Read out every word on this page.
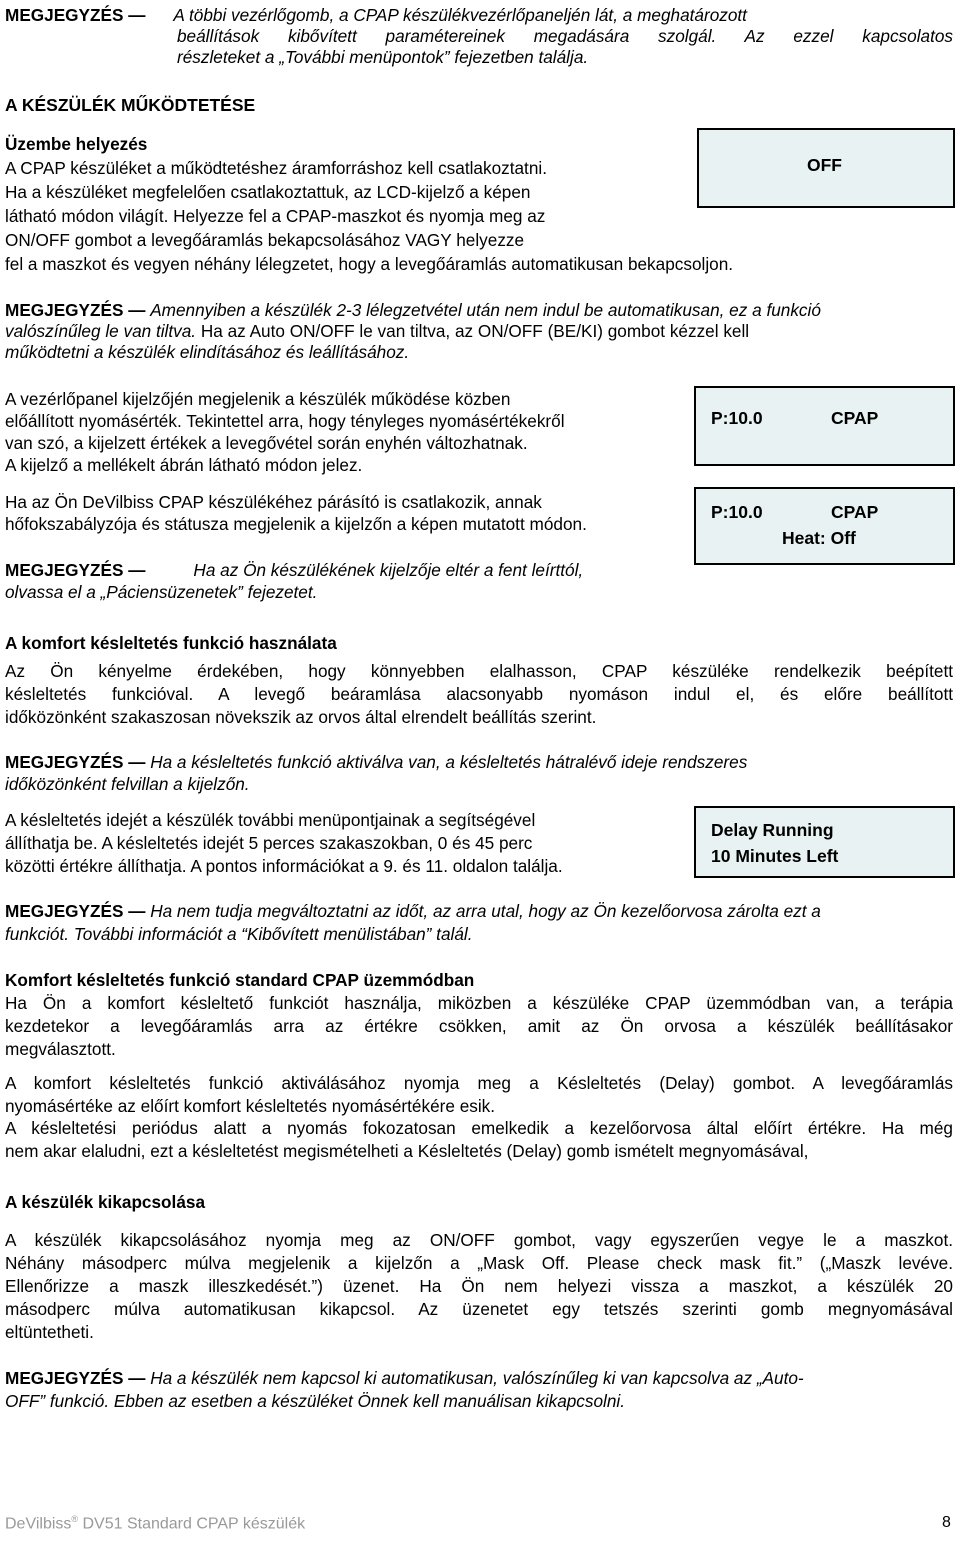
MEGJEGYZÉS — A többi vezérlőgomb, a CPAP készülékvezérlőpaneljén lát, a meghatározott
beállítások kibővített paramétereinek megadására szolgál. Az ezzel kapcsolatos
részleteket a „További menüpontok” fejezetben találja.
A KÉSZÜLÉK MŰKÖDTETÉSE
Üzembe helyezés
A CPAP készüléket a működtetéshez áramforráshoz kell csatlakoztatni.
Ha a készüléket megfelelően csatlakoztattuk, az LCD-kijelző a képen
látható módon világít. Helyezze fel a CPAP-maszkot és nyomja meg az
ON/OFF gombot a levegőáramlás bekapcsolásához VAGY helyezze
fel a maszkot és vegyen néhány lélegzetet, hogy a levegőáramlás automatikusan bekapcsoljon.
OFF
MEGJEGYZÉS — Amennyiben a készülék 2-3 lélegzetvétel után nem indul be automatikusan, ez a funkció
valószínűleg le van tiltva. Ha az Auto ON/OFF le van tiltva, az ON/OFF (BE/KI) gombot kézzel kell
működtetni a készülék elindításához és leállításához.
A vezérlőpanel kijelzőjén megjelenik a készülék működése közben
előállított nyomásérték. Tekintettel arra, hogy tényleges nyomásértékekről
van szó, a kijelzett értékek a levegővétel során enyhén változhatnak.
A kijelző a mellékelt ábrán látható módon jelez.
P:10.0	CPAP
Ha az Ön DeVilbiss CPAP készülékéhez párásító is csatlakozik, annak
hőfokszabályzója és státusza megjelenik a kijelzőn a képen mutatott módon.
P:10.0	CPAP
Heat: Off
MEGJEGYZÉS —	Ha az Ön készülékének kijelzője eltér a fent leírttól,
olvassa el a „Páciensüzenetek” fejezetet.
A komfort késleltetés funkció használata
Az Ön kényelme érdekében, hogy könnyebben elalhasson, CPAP készüléke rendelkezik beépített
késleltetés funkcióval. A levegő beáramlása alacsonyabb nyomáson indul el, és előre beállított
időközönként szakaszosan növekszik az orvos által elrendelt beállítás szerint.
MEGJEGYZÉS — Ha a késleltetés funkció aktiválva van, a késleltetés hátralévő ideje rendszeres
időközönként felvillan a kijelzőn.
A késleltetés idejét a készülék további menüpontjainak a segítségével
állíthatja be. A késleltetés idejét 5 perces szakaszokban, 0 és 45 perc
közötti értékre állíthatja. A pontos információkat a 9. és 11. oldalon találja.
Delay Running
10 Minutes Left
MEGJEGYZÉS — Ha nem tudja megváltoztatni az időt, az arra utal, hogy az Ön kezelőorvosa zárolta ezt a
funkciót. További információt a “Kibővített menülistában” talál.
Komfort késleltetés funkció standard CPAP üzemmódban
Ha Ön a komfort késleltető funkciót használja, miközben a készüléke CPAP üzemmódban van, a terápia
kezdetekor a levegőáramlás arra az értékre csökken, amit az Ön orvosa a készülék beállításakor
megválasztott.
A komfort késleltetés funkció aktiválásához nyomja meg a Késleltetés (Delay) gombot. A levegőáramlás
nyomásértéke az előírt komfort késleltetés nyomásértékére esik.
A késleltetési periódus alatt a nyomás fokozatosan emelkedik a kezelőorvosa által előírt értékre. Ha még
nem akar elaludni, ezt a késleltetést megismételheti a Késleltetés (Delay) gomb ismételt megnyomásával,
A készülék kikapcsolása
A készülék kikapcsolásához nyomja meg az ON/OFF gombot, vagy egyszerűen vegye le a maszkot.
Néhány másodperc múlva megjelenik a kijelzőn a „Mask Off. Please check mask fit.” („Maszk levéve.
Ellenőrizze a maszk illeszkedését.”) üzenet. Ha Ön nem helyezi vissza a maszkot, a készülék 20
másodperc múlva automatikusan kikapcsol. Az üzenetet egy tetszés szerinti gomb megnyomásával
eltüntetheti.
MEGJEGYZÉS — Ha a készülék nem kapcsol ki automatikusan, valószínűleg ki van kapcsolva az „Auto-
OFF” funkció. Ebben az esetben a készüléket Önnek kell manuálisan kikapcsolni.
DeVilbiss® DV51 Standard CPAP készülék	8
